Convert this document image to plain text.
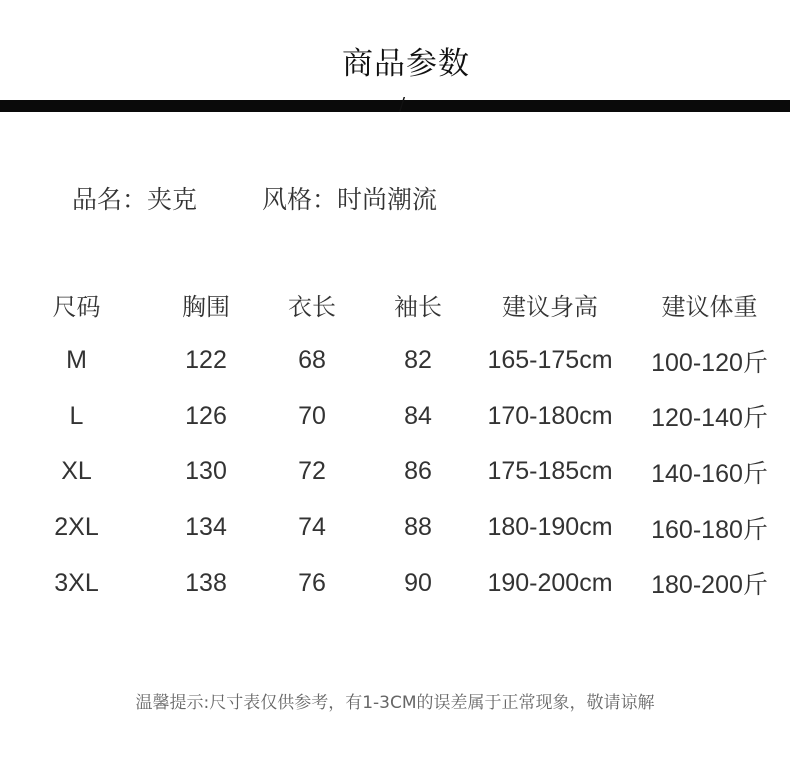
商品参数
/
品名：夹克	风格：时尚潮流
尺码	胸围	衣长	袖长	建议身高	建议体重
M	122	68	82	165-175cm	100-120斤
L	126	70	84	170-180cm	120-140斤
XL	130	72	86	175-185cm	140-160斤
2XL	134	74	88	180-190cm	160-180斤
3XL	138	76	90	190-200cm	180-200斤
温馨提示:尺寸表仅供参考，有1-3CM的误差属于正常现象，敬请谅解
